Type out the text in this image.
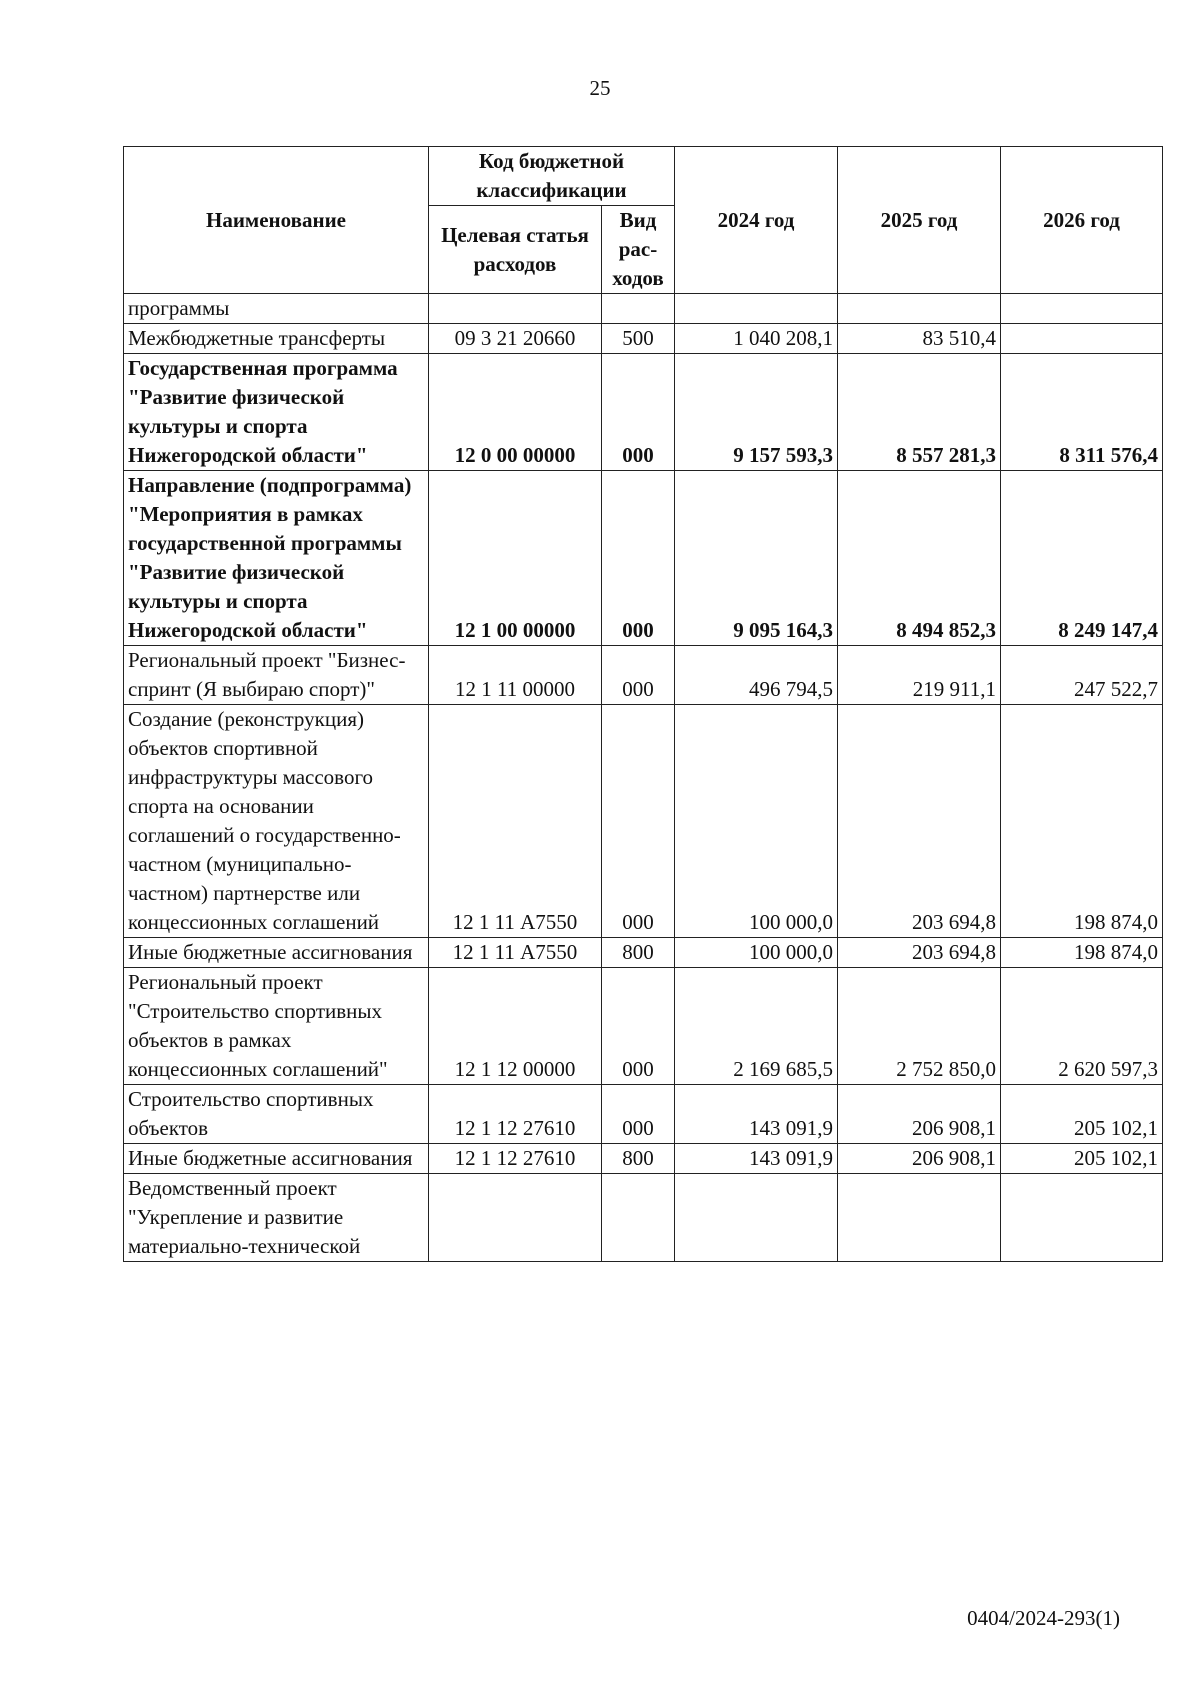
25
Наименование	Код бюджетной классификации		2024 год	2025 год	2026 год
	Целевая статья расходов	Вид рас-ходов			
программы					
Межбюджетные трансферты	09 3 21 20660	500	1 040 208,1	83 510,4	
Государственная программа "Развитие физической культуры и спорта Нижегородской области"	12 0 00 00000	000	9 157 593,3	8 557 281,3	8 311 576,4
Направление (подпрограмма) "Мероприятия в рамках государственной программы "Развитие физической культуры и спорта Нижегородской области"	12 1 00 00000	000	9 095 164,3	8 494 852,3	8 249 147,4
Региональный проект "Бизнес-спринт (Я выбираю спорт)"	12 1 11 00000	000	496 794,5	219 911,1	247 522,7
Создание (реконструкция) объектов спортивной инфраструктуры массового спорта на основании соглашений о государственно-частном (муниципально-частном) партнерстве или концессионных соглашений	12 1 11 А7550	000	100 000,0	203 694,8	198 874,0
Иные бюджетные ассигнования	12 1 11 А7550	800	100 000,0	203 694,8	198 874,0
Региональный проект "Строительство спортивных объектов в рамках концессионных соглашений"	12 1 12 00000	000	2 169 685,5	2 752 850,0	2 620 597,3
Строительство спортивных объектов	12 1 12 27610	000	143 091,9	206 908,1	205 102,1
Иные бюджетные ассигнования	12 1 12 27610	800	143 091,9	206 908,1	205 102,1
Ведомственный проект "Укрепление и развитие материально-технической					
0404/2024-293(1)
